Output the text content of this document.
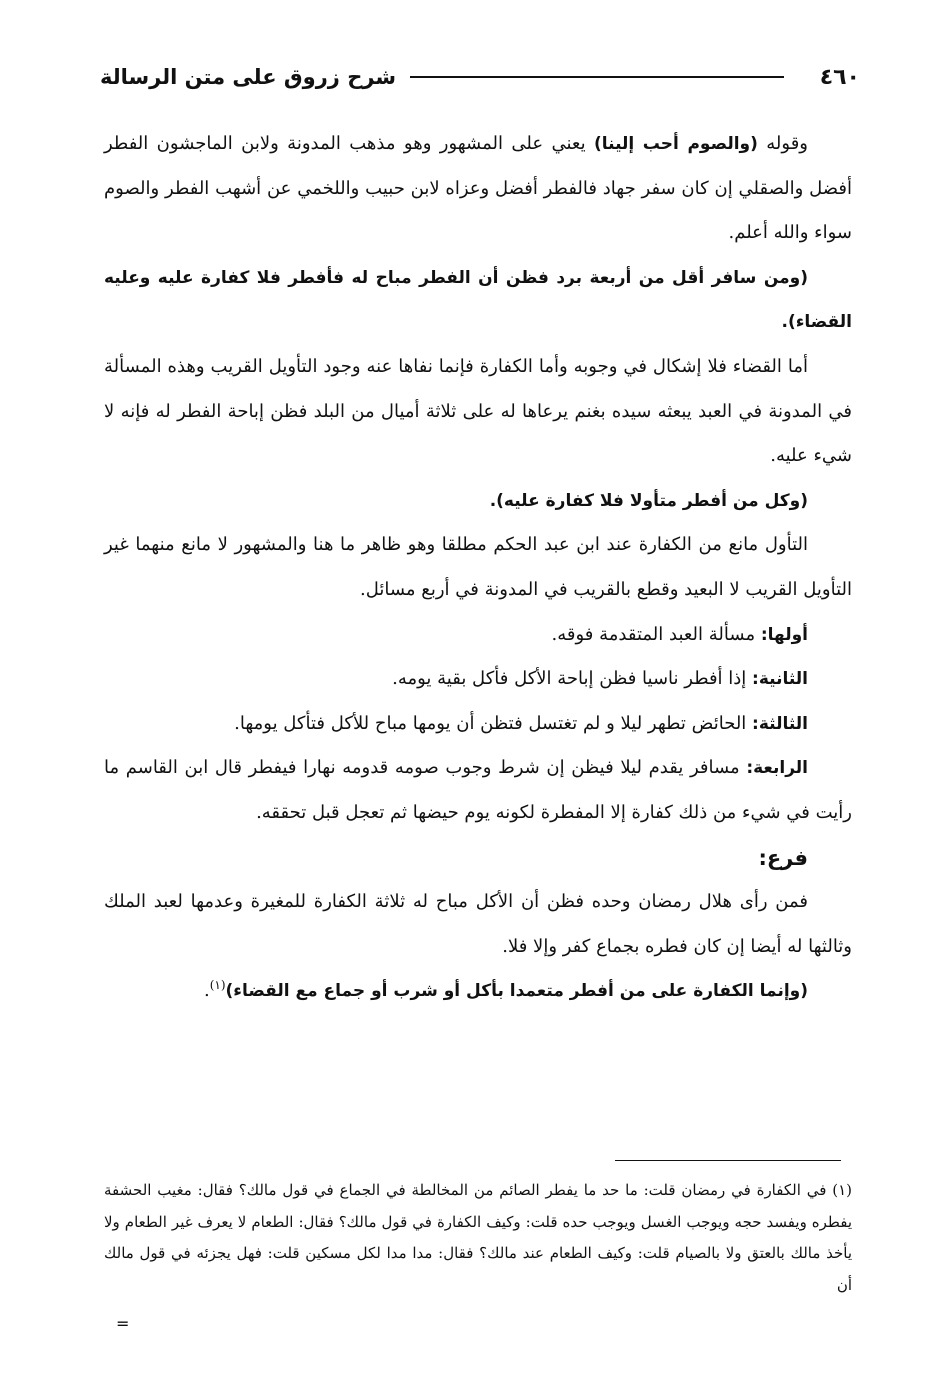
٤٦٠
شرح زروق على متن الرسالة

وقوله (والصوم أحب إلينا) يعني على المشهور وهو مذهب المدونة ولابن الماجشون الفطر أفضل والصقلي إن كان سفر جهاد فالفطر أفضل وعزاه لابن حبيب واللخمي عن أشهب الفطر والصوم سواء والله أعلم.

(ومن سافر أقل من أربعة برد فظن أن الفطر مباح له فأفطر فلا كفارة عليه وعليه القضاء).

أما القضاء فلا إشكال في وجوبه وأما الكفارة فإنما نفاها عنه وجود التأويل القريب وهذه المسألة في المدونة في العبد يبعثه سيده بغنم يرعاها له على ثلاثة أميال من البلد فظن إباحة الفطر له فإنه لا شيء عليه.

(وكل من أفطر متأولا فلا كفارة عليه).

التأول مانع من الكفارة عند ابن عبد الحكم مطلقا وهو ظاهر ما هنا والمشهور لا مانع منهما غير التأويل القريب لا البعيد وقطع بالقريب في المدونة في أربع مسائل.

أولها: مسألة العبد المتقدمة فوقه.

الثانية: إذا أفطر ناسيا فظن إباحة الأكل فأكل بقية يومه.

الثالثة: الحائض تطهر ليلا و لم تغتسل فتظن أن يومها مباح للأكل فتأكل يومها.

الرابعة: مسافر يقدم ليلا فيظن إن شرط وجوب صومه قدومه نهارا فيفطر قال ابن القاسم ما رأيت في شيء من ذلك كفارة إلا المفطرة لكونه يوم حيضها ثم تعجل قبل تحققه.

فرع:

فمن رأى هلال رمضان وحده فظن أن الأكل مباح له ثلاثة الكفارة للمغيرة وعدمها لعبد الملك وثالثها له أيضا إن كان فطره بجماع كفر وإلا فلا.

(وإنما الكفارة على من أفطر متعمدا بأكل أو شرب أو جماع مع القضاء)$^{(١)}$.

(١) في الكفارة في رمضان قلت: ما حد ما يفطر الصائم من المخالطة في الجماع في قول مالك؟ فقال: مغيب الحشفة يفطره ويفسد حجه ويوجب الغسل ويوجب حده قلت: وكيف الكفارة في قول مالك؟ فقال: الطعام لا يعرف غير الطعام ولا يأخذ مالك بالعتق ولا بالصيام قلت: وكيف الطعام عند مالك؟ فقال: مدا مدا لكل مسكين قلت: فهل يجزئه في قول مالك أن

=
